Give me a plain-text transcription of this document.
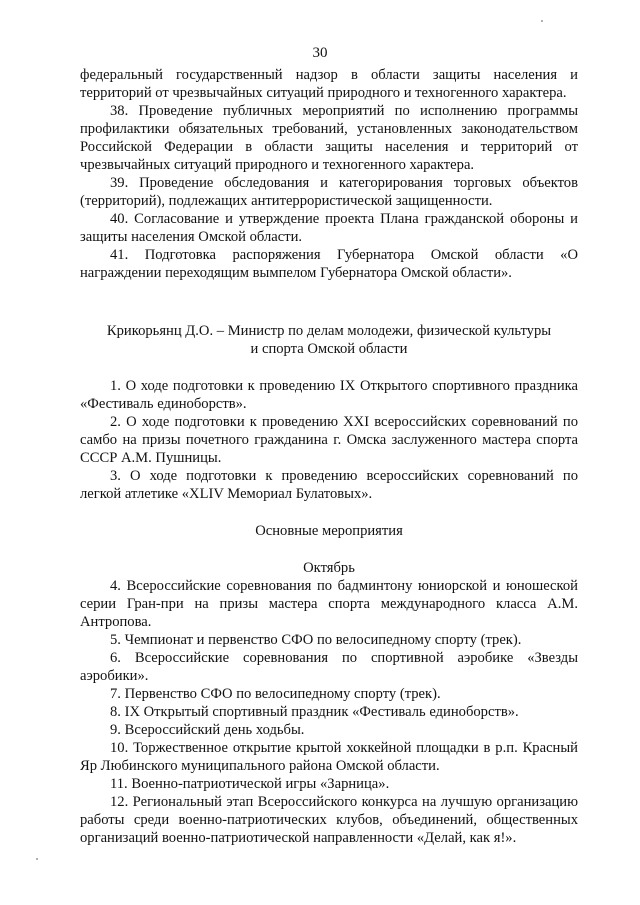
30

федеральный государственный надзор в области защиты населения и территорий от чрезвычайных ситуаций природного и техногенного характера.

38. Проведение публичных мероприятий по исполнению программы профилактики обязательных требований, установленных законодательством Российской Федерации в области защиты населения и территорий от чрезвычайных ситуаций природного и техногенного характера.

39. Проведение обследования и категорирования торговых объектов (территорий), подлежащих антитеррористической защищенности.

40. Согласование и утверждение проекта Плана гражданской обороны и защиты населения Омской области.

41. Подготовка распоряжения Губернатора Омской области «О награждении переходящим вымпелом Губернатора Омской области».

Крикорьянц Д.О. – Министр по делам молодежи, физической культуры

и спорта Омской области

1. О ходе подготовки к проведению IX Открытого спортивного праздника «Фестиваль единоборств».

2. О ходе подготовки к проведению XXI всероссийских соревнований по самбо на призы почетного гражданина г. Омска заслуженного мастера спорта СССР А.М. Пушницы.

3. О ходе подготовки к проведению всероссийских соревнований по легкой атлетике «XLIV Мемориал Булатовых».

Основные мероприятия

Октябрь

4. Всероссийские соревнования по бадминтону юниорской и юношеской серии Гран-при на призы мастера спорта международного класса А.М. Антропова.

5. Чемпионат и первенство СФО по велосипедному спорту (трек).

6. Всероссийские соревнования по спортивной аэробике «Звезды аэробики».

7. Первенство СФО по велосипедному спорту (трек).

8. IX Открытый спортивный праздник «Фестиваль единоборств».

9. Всероссийский день ходьбы.

10. Торжественное открытие крытой хоккейной площадки в р.п. Красный Яр Любинского муниципального района Омской области.

11. Военно-патриотической игры «Зарница».

12. Региональный этап Всероссийского конкурса на лучшую организацию работы среди военно-патриотических клубов, объединений, общественных организаций военно-патриотической направленности «Делай, как я!».
